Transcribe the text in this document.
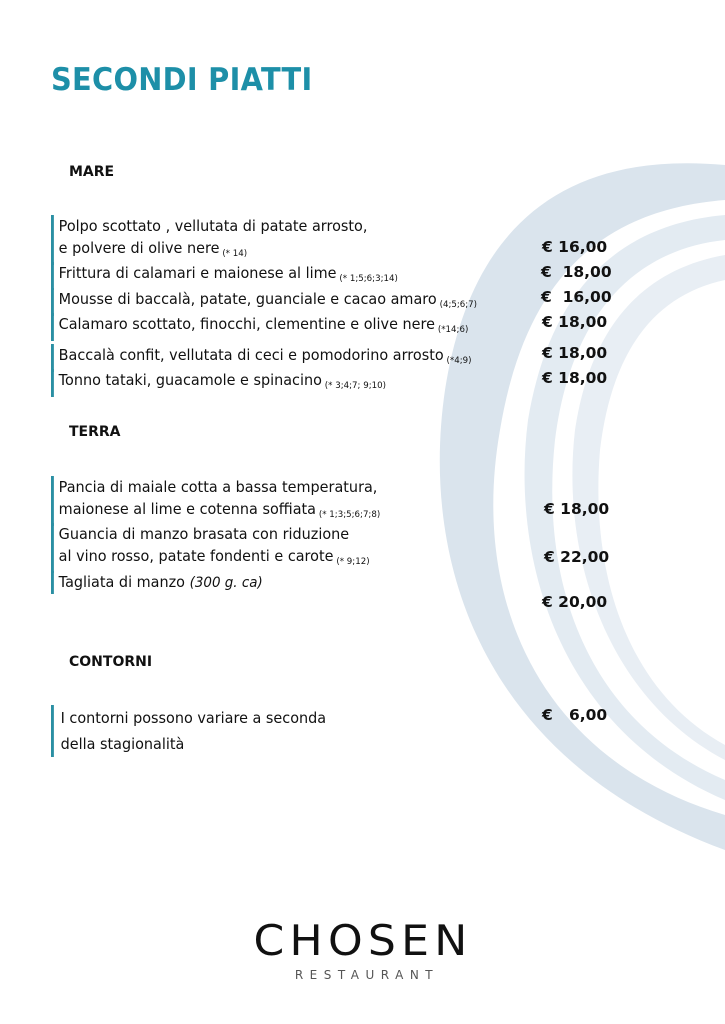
SECONDI PIATTI
MARE
Polpo scottato , vellutata di patate arrosto,
e polvere di olive nere $_{(* 14)}$	€ 16,00
Frittura di calamari e maionese al lime $_{(* 1;5;6;3;14)}$	€  18,00
Mousse di baccalà, patate, guanciale e cacao amaro $_{(4;5;6;7)}$	€  16,00
Calamaro scottato, finocchi, clementine e olive nere $_{(*14;6)}$	€ 18,00
Baccalà confit, vellutata di ceci e pomodorino arrosto $_{(*4;9)}$	€ 18,00
Tonno tataki, guacamole e spinacino $_{(* 3;4;7; 9;10)}$	€ 18,00
TERRA
Pancia di maiale cotta a bassa temperatura,
maionese al lime e cotenna soffiata $_{(* 1;3;5;6;7;8)}$	€ 18,00
Guancia di manzo brasata con riduzione
al vino rosso, patate fondenti e carote $_{(* 9;12)}$	€ 22,00
Tagliata di manzo (300 g. ca)
€ 20,00
CONTORNI
I contorni possono variare a seconda
della stagionalità
€   6,00
CHOSEN
RESTAURANT
